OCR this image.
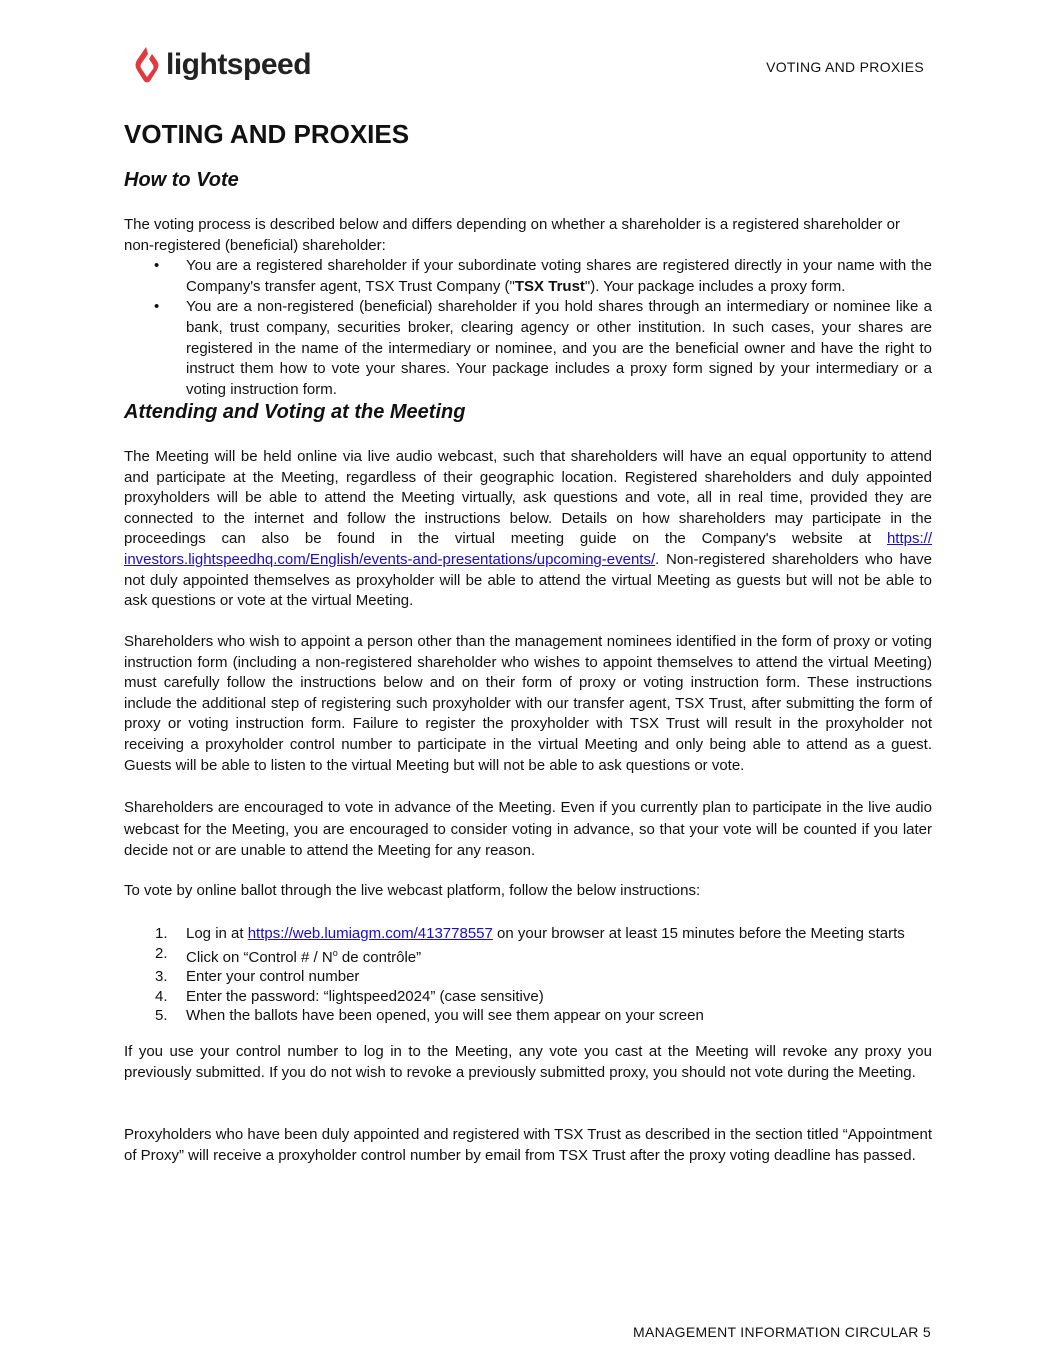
lightspeed	VOTING AND PROXIES
VOTING AND PROXIES
How to Vote

The voting process is described below and differs depending on whether a shareholder is a registered shareholder or non-registered (beneficial) shareholder:

• You are a registered shareholder if your subordinate voting shares are registered directly in your name with the Company's transfer agent, TSX Trust Company ("TSX Trust"). Your package includes a proxy form.
• You are a non-registered (beneficial) shareholder if you hold shares through an intermediary or nominee like a bank, trust company, securities broker, clearing agency or other institution. In such cases, your shares are registered in the name of the intermediary or nominee, and you are the beneficial owner and have the right to instruct them how to vote your shares. Your package includes a proxy form signed by your intermediary or a voting instruction form.
Attending and Voting at the Meeting

The Meeting will be held online via live audio webcast, such that shareholders will have an equal opportunity to attend and participate at the Meeting, regardless of their geographic location. Registered shareholders and duly appointed proxyholders will be able to attend the Meeting virtually, ask questions and vote, all in real time, provided they are connected to the internet and follow the instructions below. Details on how shareholders may participate in the proceedings can also be found in the virtual meeting guide on the Company's website at https:// investors.lightspeedhq.com/English/events-and-presentations/upcoming-events/. Non-registered shareholders who have not duly appointed themselves as proxyholder will be able to attend the virtual Meeting as guests but will not be able to ask questions or vote at the virtual Meeting.

Shareholders who wish to appoint a person other than the management nominees identified in the form of proxy or voting instruction form (including a non-registered shareholder who wishes to appoint themselves to attend the virtual Meeting) must carefully follow the instructions below and on their form of proxy or voting instruction form. These instructions include the additional step of registering such proxyholder with our transfer agent, TSX Trust, after submitting the form of proxy or voting instruction form. Failure to register the proxyholder with TSX Trust will result in the proxyholder not receiving a proxyholder control number to participate in the virtual Meeting and only being able to attend as a guest. Guests will be able to listen to the virtual Meeting but will not be able to ask questions or vote.

Shareholders are encouraged to vote in advance of the Meeting. Even if you currently plan to participate in the live audio webcast for the Meeting, you are encouraged to consider voting in advance, so that your vote will be counted if you later decide not or are unable to attend the Meeting for any reason.

To vote by online ballot through the live webcast platform, follow the below instructions:

1. Log in at https://web.lumiagm.com/413778557 on your browser at least 15 minutes before the Meeting starts
2. Click on “Control # / $N^o$ de contrôle”
3. Enter your control number
4. Enter the password: “lightspeed2024” (case sensitive)
5. When the ballots have been opened, you will see them appear on your screen

If you use your control number to log in to the Meeting, any vote you cast at the Meeting will revoke any proxy you previously submitted. If you do not wish to revoke a previously submitted proxy, you should not vote during the Meeting.

Proxyholders who have been duly appointed and registered with TSX Trust as described in the section titled “Appointment of Proxy” will receive a proxyholder control number by email from TSX Trust after the proxy voting deadline has passed.

MANAGEMENT INFORMATION CIRCULAR 5
